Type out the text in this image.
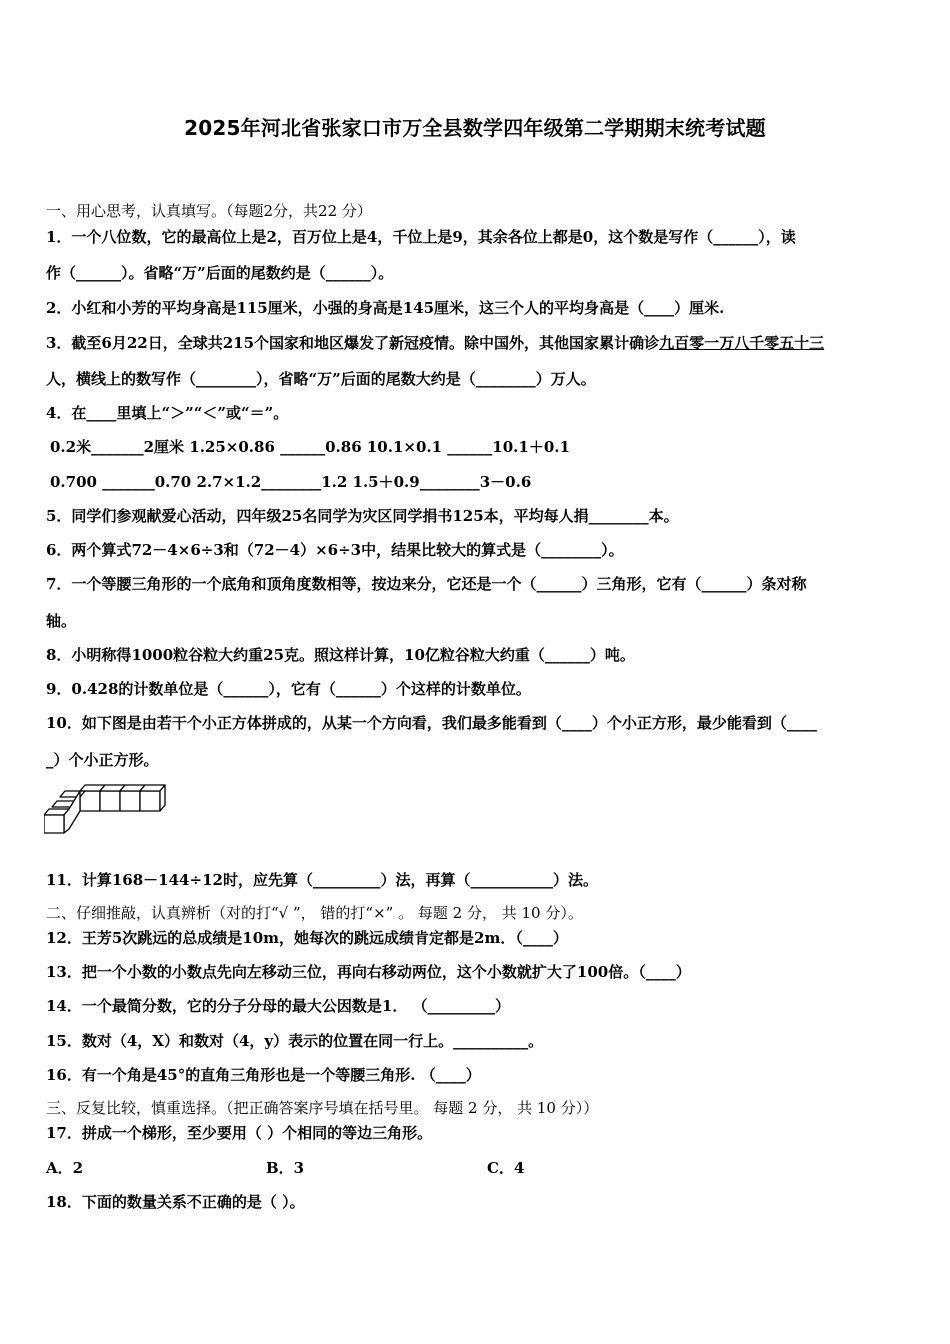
2025年河北省张家口市万全县数学四年级第二学期期末统考试题
一、用心思考，认真填写。（每题2分，共22 分）
1．一个八位数，它的最高位上是2，百万位上是4，千位上是9，其余各位上都是0，这个数是写作（______），读
作（______）。省略“万”后面的尾数约是（______）。
2．小红和小芳的平均身高是115厘米，小强的身高是145厘米，这三个人的平均身高是（____）厘米.
3．截至6月22日，全球共215个国家和地区爆发了新冠疫情。除中国外，其他国家累计确诊九百零一万八千零五十三
人，横线上的数写作（________），省略“万”后面的尾数大约是（________）万人。
4．在____里填上“＞”“＜”或“＝”。
0.2米_______2厘米 1.25×0.86 ______0.86 10.1×0.1 ______10.1＋0.1
0.700 _______0.70 2.7×1.2________1.2 1.5＋0.9________3－0.6
5．同学们参观献爱心活动，四年级25名同学为灾区同学捐书125本，平均每人捐________本。
6．两个算式72－4×6÷3和（72－4）×6÷3中，结果比较大的算式是（________）。
7．一个等腰三角形的一个底角和顶角度数相等，按边来分，它还是一个（______）三角形，它有（______）条对称
轴。
8．小明称得1000粒谷粒大约重25克。照这样计算，10亿粒谷粒大约重（______）吨。
9．0.428的计数单位是（______），它有（______）个这样的计数单位。
10．如下图是由若干个小正方体拼成的，从某一个方向看，我们最多能看到（____）个小正方形，最少能看到（____
_）个小正方形。
11．计算168－144÷12时，应先算（_________）法，再算（___________）法。
二、仔细推敲，认真辨析（对的打“√ ”， 错的打“×” 。 每题 2 分， 共 10 分）。
12．王芳5次跳远的总成绩是10m，她每次的跳远成绩肯定都是2m．（____）
13．把一个小数的小数点先向左移动三位，再向右移动两位，这个小数就扩大了100倍。（____）
14．一个最简分数，它的分子分母的最大公因数是1． （_________）
15．数对（4，X）和数对（4，y）表示的位置在同一行上。__________。
16．有一个角是45°的直角三角形也是一个等腰三角形. （____）
三、反复比较，慎重选择。（把正确答案序号填在括号里。 每题 2 分， 共 10 分））
17．拼成一个梯形，至少要用（ ）个相同的等边三角形。
A．2	B．3	C．4
18．下面的数量关系不正确的是（ ）。
